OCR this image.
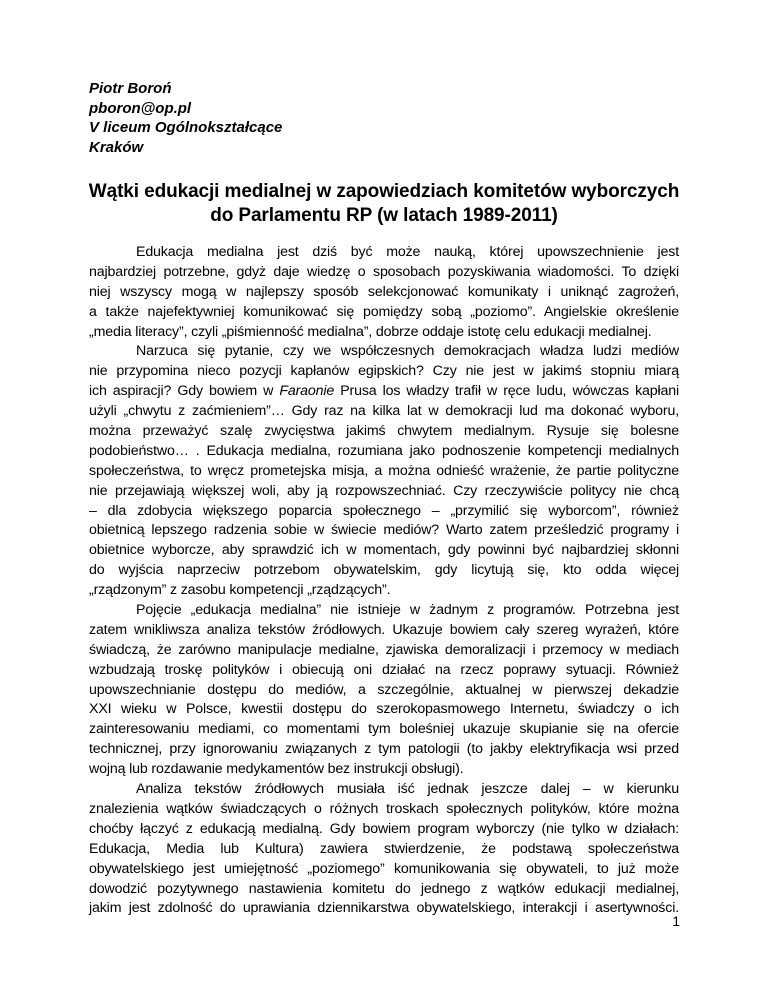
Piotr Boroń
pboron@op.pl
V liceum Ogólnokształcące
Kraków
Wątki edukacji medialnej w zapowiedziach komitetów wyborczych
do Parlamentu RP (w latach 1989-2011)
Edukacja medialna jest dziś być może nauką, której upowszechnienie jest
najbardziej potrzebne, gdyż daje wiedzę o sposobach pozyskiwania wiadomości. To dzięki
niej wszyscy mogą w najlepszy sposób selekcjonować komunikaty i uniknąć zagrożeń,
a także najefektywniej komunikować się pomiędzy sobą „poziomo”. Angielskie określenie
„media literacy”, czyli „piśmienność medialna”, dobrze oddaje istotę celu edukacji medialnej.
Narzuca się pytanie, czy we współczesnych demokracjach władza ludzi mediów
nie przypomina nieco pozycji kapłanów egipskich? Czy nie jest w jakimś stopniu miarą
ich aspiracji? Gdy bowiem w Faraonie Prusa los władzy trafił w ręce ludu, wówczas kapłani
użyli „chwytu z zaćmieniem”… Gdy raz na kilka lat w demokracji lud ma dokonać wyboru,
można przeważyć szalę zwycięstwa jakimś chwytem medialnym. Rysuje się bolesne
podobieństwo… . Edukacja medialna, rozumiana jako podnoszenie kompetencji medialnych
społeczeństwa, to wręcz prometejska misja, a można odnieść wrażenie, że partie polityczne
nie przejawiają większej woli, aby ją rozpowszechniać. Czy rzeczywiście politycy nie chcą
– dla zdobycia większego poparcia społecznego – „przymilić się wyborcom”, również
obietnicą lepszego radzenia sobie w świecie mediów? Warto zatem prześledzić programy i
obietnice wyborcze, aby sprawdzić ich w momentach, gdy powinni być najbardziej skłonni
do wyjścia naprzeciw potrzebom obywatelskim, gdy licytują się, kto odda więcej
„rządzonym” z zasobu kompetencji „rządzących”.
Pojęcie „edukacja medialna” nie istnieje w żadnym z programów. Potrzebna jest
zatem wnikliwsza analiza tekstów źródłowych. Ukazuje bowiem cały szereg wyrażeń, które
świadczą, że zarówno manipulacje medialne, zjawiska demoralizacji i przemocy w mediach
wzbudzają troskę polityków i obiecują oni działać na rzecz poprawy sytuacji. Również
upowszechnianie dostępu do mediów, a szczególnie, aktualnej w pierwszej dekadzie
XXI wieku w Polsce, kwestii dostępu do szerokopasmowego Internetu, świadczy o ich
zainteresowaniu mediami, co momentami tym boleśniej ukazuje skupianie się na ofercie
technicznej, przy ignorowaniu związanych z tym patologii (to jakby elektryfikacja wsi przed
wojną lub rozdawanie medykamentów bez instrukcji obsługi).
Analiza tekstów źródłowych musiała iść jednak jeszcze dalej – w kierunku
znalezienia wątków świadczących o różnych troskach społecznych polityków, które można
choćby łączyć z edukacją medialną. Gdy bowiem program wyborczy (nie tylko w działach:
Edukacja, Media lub Kultura) zawiera stwierdzenie, że podstawą społeczeństwa
obywatelskiego jest umiejętność „poziomego” komunikowania się obywateli, to już może
dowodzić pozytywnego nastawienia komitetu do jednego z wątków edukacji medialnej,
jakim jest zdolność do uprawiania dziennikarstwa obywatelskiego, interakcji i asertywności.
1
